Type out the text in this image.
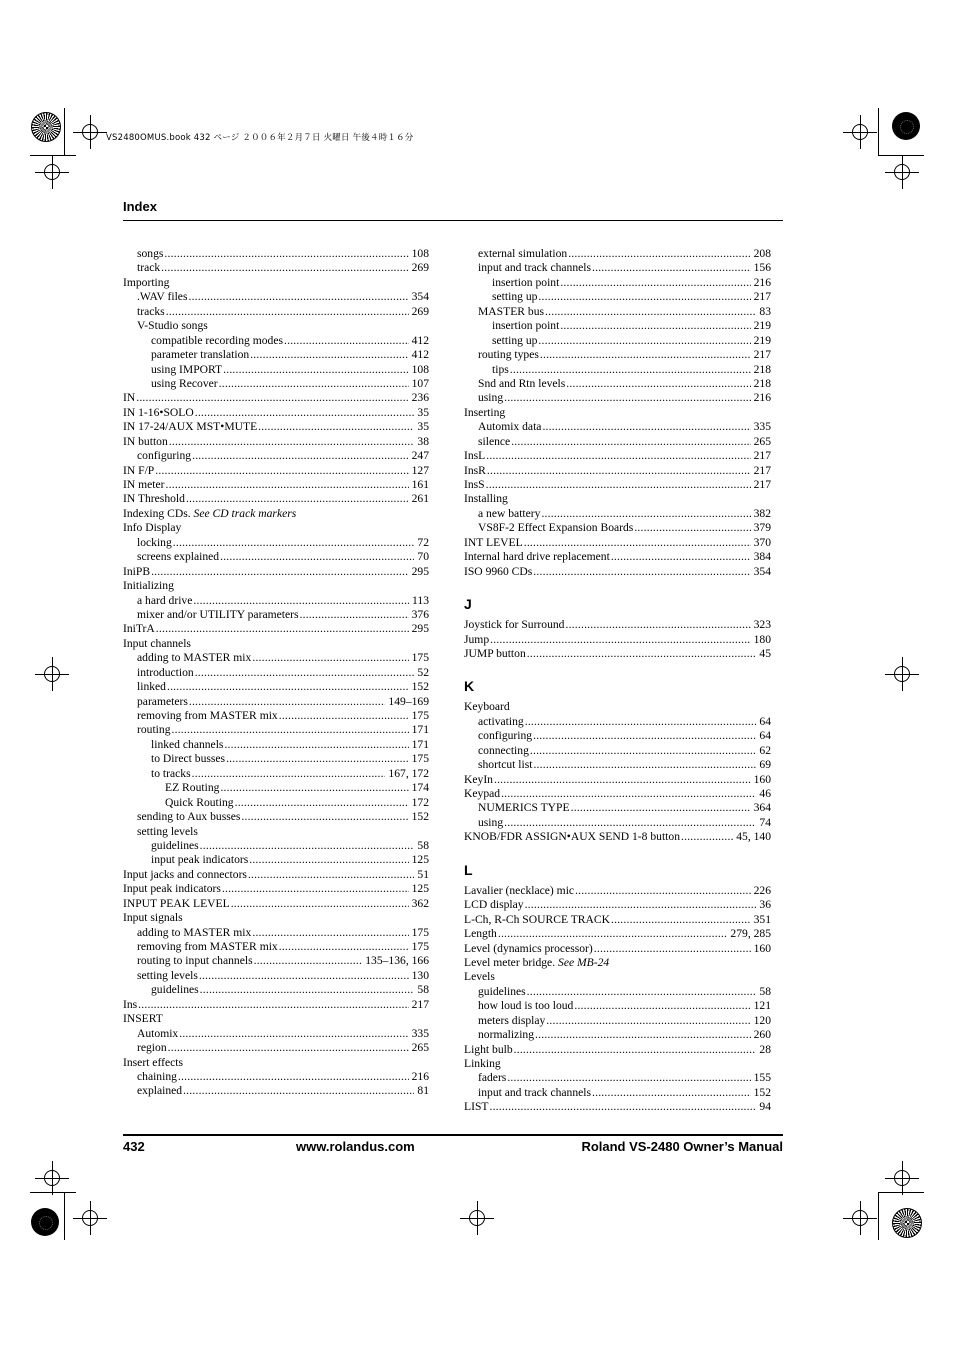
VS2480OMUS.book 432 ページ ２００６年２月７日 火曜日 午後４時１６分
Index
songs .....	108
track .....	269
Importing
.WAV files .....	354
tracks .....	269
V-Studio songs
compatible recording modes .....	412
parameter translation .....	412
using IMPORT .....	108
using Recover .....	107
IN .....	236
IN 1-16•SOLO .....	35
IN 17-24/AUX MST•MUTE .....	35
IN button .....	38
configuring .....	247
IN F/P .....	127
IN meter .....	161
IN Threshold .....	261
Indexing CDs. See CD track markers
Info Display
locking .....	72
screens explained .....	70
IniPB .....	295
Initializing
a hard drive .....	113
mixer and/or UTILITY parameters .....	376
IniTrA .....	295
Input channels
adding to MASTER mix .....	175
introduction .....	52
linked .....	152
parameters .....	149–169
removing from MASTER mix .....	175
routing .....	171
linked channels .....	171
to Direct busses .....	175
to tracks .....	167, 172
EZ Routing .....	174
Quick Routing .....	172
sending to Aux busses .....	152
setting levels
guidelines .....	58
input peak indicators .....	125
Input jacks and connectors .....	51
Input peak indicators .....	125
INPUT PEAK LEVEL .....	362
Input signals
adding to MASTER mix .....	175
removing from MASTER mix .....	175
routing to input channels .....	135–136, 166
setting levels .....	130
guidelines .....	58
Ins .....	217
INSERT
Automix .....	335
region .....	265
Insert effects
chaining .....	216
explained .....	81
external simulation .....	208
input and track channels .....	156
insertion point .....	216
setting up .....	217
MASTER bus .....	83
insertion point .....	219
setting up .....	219
routing types .....	217
tips .....	218
Snd and Rtn levels .....	218
using .....	216
Inserting
Automix data .....	335
silence .....	265
InsL .....	217
InsR .....	217
InsS .....	217
Installing
a new battery .....	382
VS8F-2 Effect Expansion Boards .....	379
INT LEVEL .....	370
Internal hard drive replacement .....	384
ISO 9960 CDs .....	354
J
Joystick for Surround .....	323
Jump .....	180
JUMP button .....	45
K
Keyboard
activating .....	64
configuring .....	64
connecting .....	62
shortcut list .....	69
KeyIn .....	160
Keypad .....	46
NUMERICS TYPE .....	364
using .....	74
KNOB/FDR ASSIGN•AUX SEND 1-8 button .....	45, 140
L
Lavalier (necklace) mic .....	226
LCD display .....	36
L-Ch, R-Ch SOURCE TRACK .....	351
Length .....	279, 285
Level (dynamics processor) .....	160
Level meter bridge. See MB-24
Levels
guidelines .....	58
how loud is too loud .....	121
meters display .....	120
normalizing .....	260
Light bulb .....	28
Linking
faders .....	155
input and track channels .....	152
LIST .....	94
432	www.rolandus.com	Roland VS-2480 Owner’s Manual
